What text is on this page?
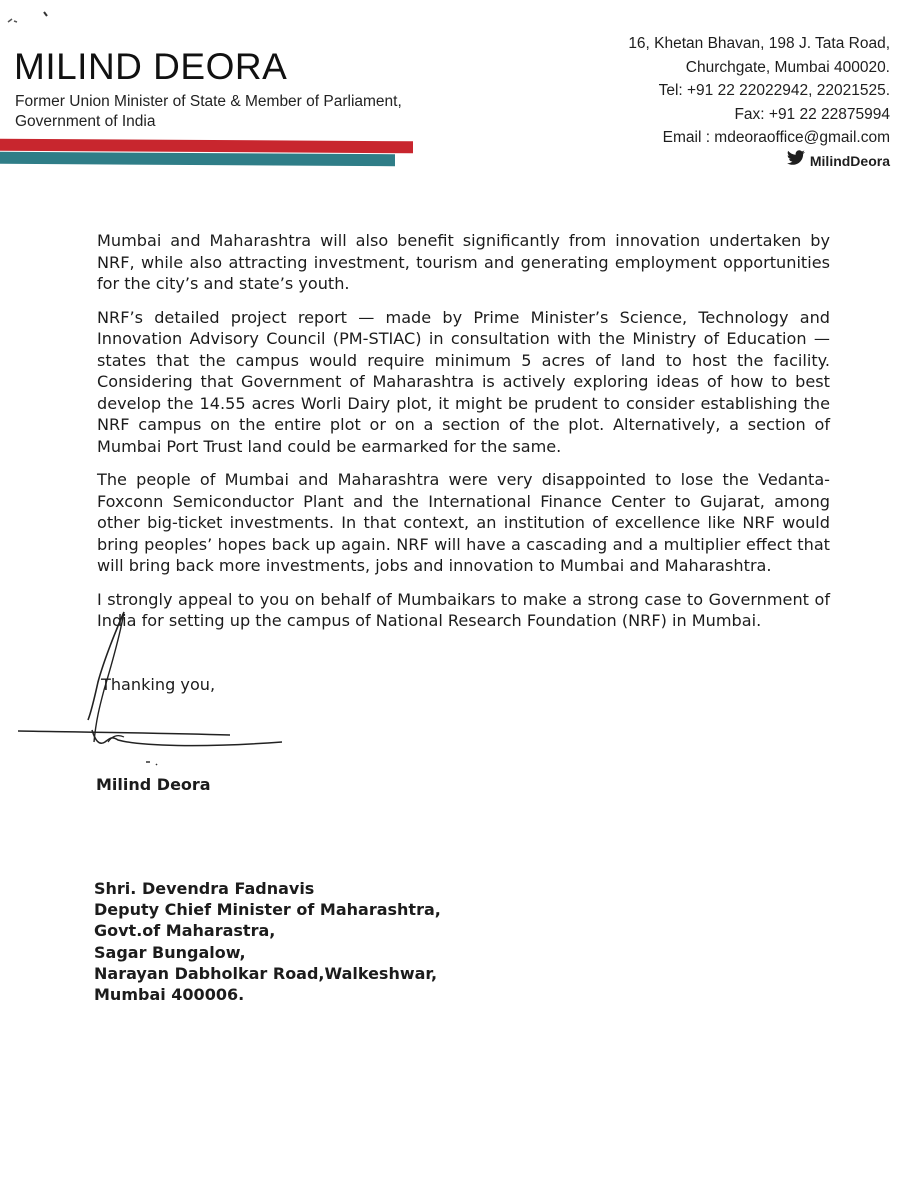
MILIND DEORA
Former Union Minister of State & Member of Parliament, Government of India
16, Khetan Bhavan, 198 J. Tata Road,
Churchgate, Mumbai 400020.
Tel: +91 22 22022942, 22021525.
Fax: +91 22 22875994
Email : mdeoraoffice@gmail.com
MilindDeora

Mumbai and Maharashtra will also benefit significantly from innovation undertaken by NRF, while also attracting investment, tourism and generating employment opportunities for the city’s and state’s youth.

NRF’s detailed project report — made by Prime Minister’s Science, Technology and Innovation Advisory Council (PM-STIAC) in consultation with the Ministry of Education — states that the campus would require minimum 5 acres of land to host the facility. Considering that Government of Maharashtra is actively exploring ideas of how to best develop the 14.55 acres Worli Dairy plot, it might be prudent to consider establishing the NRF campus on the entire plot or on a section of the plot. Alternatively, a section of Mumbai Port Trust land could be earmarked for the same.

The people of Mumbai and Maharashtra were very disappointed to lose the Vedanta-Foxconn Semiconductor Plant and the International Finance Center to Gujarat, among other big-ticket investments. In that context, an institution of excellence like NRF would bring peoples’ hopes back up again. NRF will have a cascading and a multiplier effect that will bring back more investments, jobs and innovation to Mumbai and Maharashtra.

I strongly appeal to you on behalf of Mumbaikars to make a strong case to Government of India for setting up the campus of National Research Foundation (NRF) in Mumbai.

Thanking you,
Milind Deora
Shri. Devendra Fadnavis
Deputy Chief Minister of Maharashtra,
Govt.of Maharastra,
Sagar Bungalow,
Narayan Dabholkar Road,Walkeshwar,
Mumbai 400006.
